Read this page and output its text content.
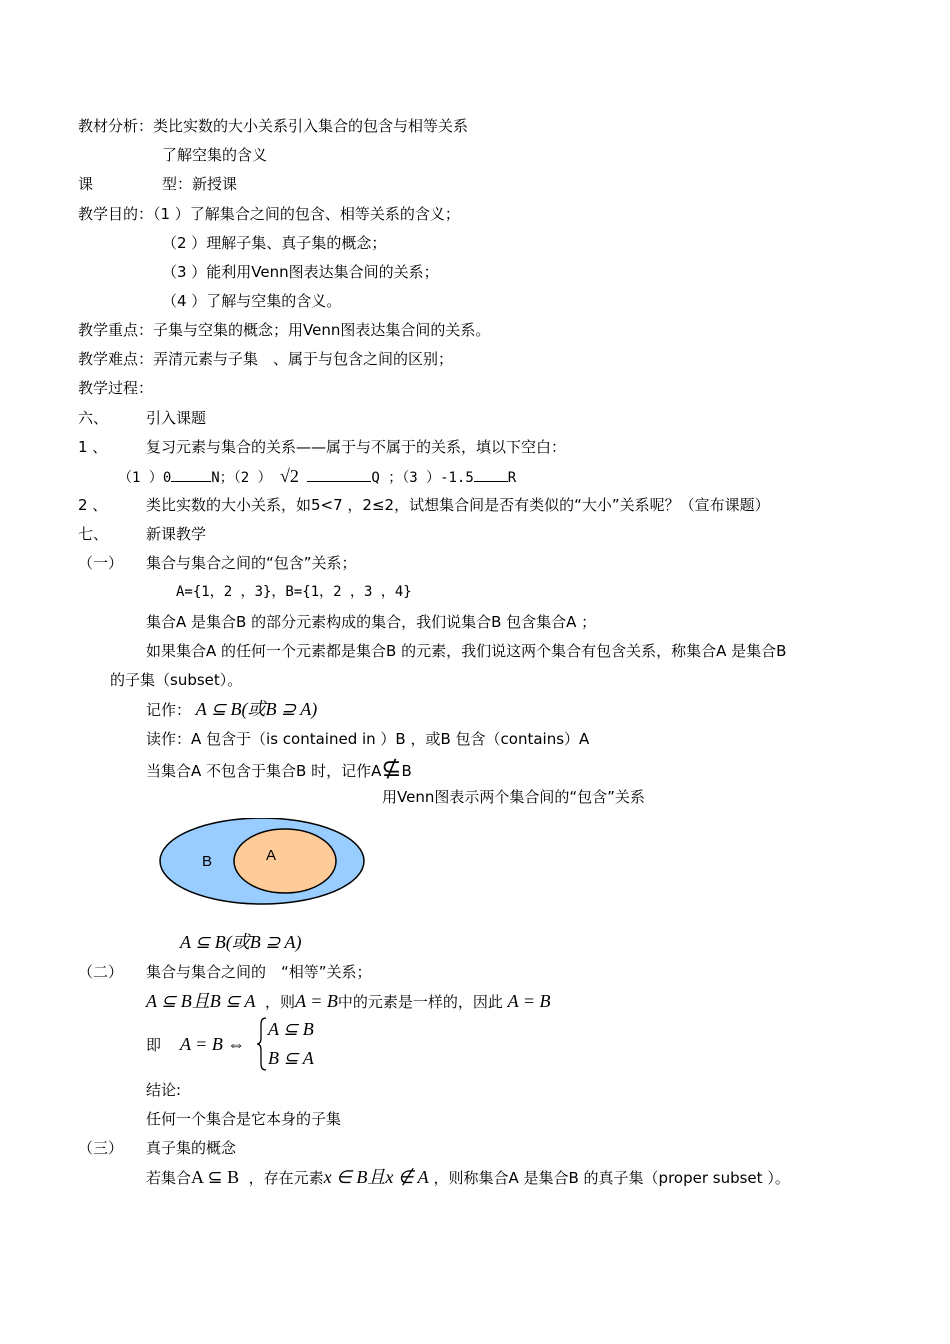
教材分析：类比实数的大小关系引入集合的包含与相等关系
了解空集的含义
课	型：新授课
教学目的：（1 ）了解集合之间的包含、相等关系的含义；
（2 ）理解子集、真子集的概念；
（3 ）能利用Venn图表达集合间的关系；
（4 ）了解与空集的含义。
教学重点：子集与空集的概念；用Venn图表达集合间的关系。
教学难点：弄清元素与子集　、属于与包含之间的区别；
教学过程：
六、	引入课题
1 、	复习元素与集合的关系——属于与不属于的关系，填以下空白：
（1 ）0	N；（2 ） √2	Q ；（3 ）-1.5 R
2 、	类比实数的大小关系，如5<7 ，2≤2，试想集合间是否有类似的“大小”关系呢？（宣布课题）
七、	新课教学
（一） 集合与集合之间的“包含”关系；
A={1，2 ，3}，B={1，2 ，3 ，4}
集合A 是集合B 的部分元素构成的集合，我们说集合B 包含集合A ；
如果集合A 的任何一个元素都是集合B 的元素，我们说这两个集合有包含关系，称集合A 是集合B
的子集（subset）。
记作： A ⊆ B(或B ⊇ A)
读作：A 包含于（is contained in ）B ，或B 包含（contains）A
当集合A 不包含于集合B 时，记作A⊈B
用Venn图表示两个集合间的“包含”关系
B	A
A ⊆ B(或B ⊇ A)
（二） 集合与集合之间的　“相等”关系；
A ⊆ B且B ⊆ A ，则A = B中的元素是一样的，因此 A = B
即 A = B ⇔
A ⊆ B
B ⊆ A
结论:
任何一个集合是它本身的子集
（三） 真子集的概念
若集合A ⊆ B ，存在元素x ∈ B且x ∉ A ，则称集合A 是集合B 的真子集（proper subset ）。
